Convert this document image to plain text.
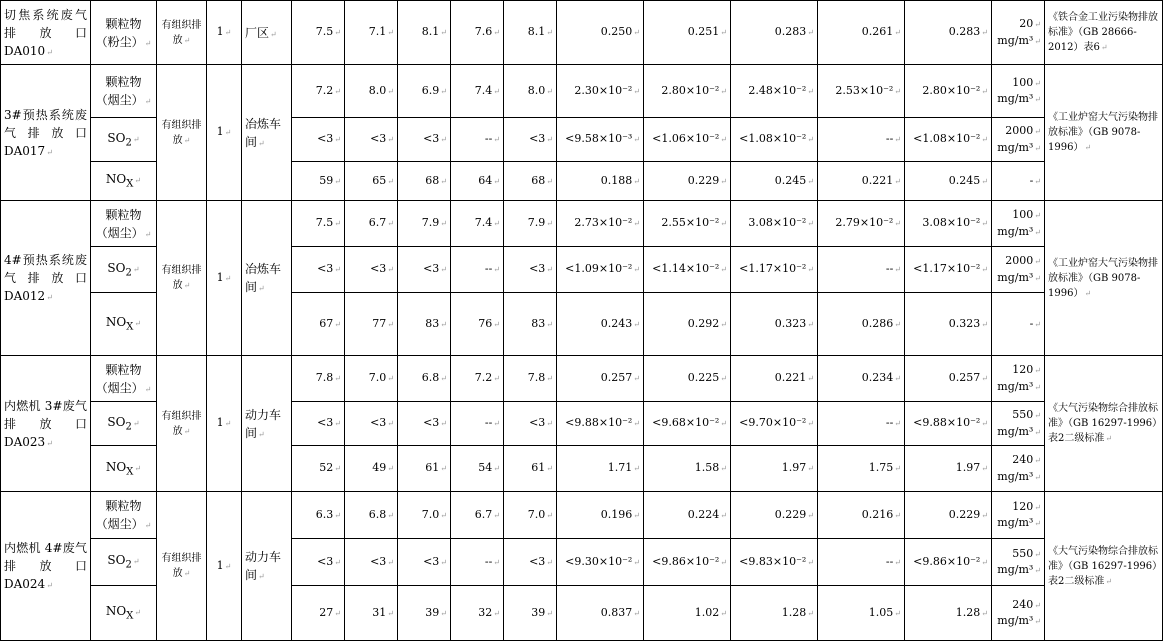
切焦系统废气排放口DA010↵	颗粒物（粉尘）↵	有组织排放↵	1↵	厂区↵	7.5↵	7.1↵	8.1↵	7.6↵	8.1↵	0.250↵	0.251↵	0.283↵	0.261↵	0.283↵	20↵
mg/m³↵	《铁合金工业污染物排放标准》（GB 28666-2012）表6↵
3#预热系统废气排放口DA017↵	颗粒物（烟尘）↵	有组织排放↵	1↵	冶炼车间↵	7.2↵	8.0↵	6.9↵	7.4↵	8.0↵	2.30×10⁻²↵	2.80×10⁻²↵	2.48×10⁻²↵	2.53×10⁻²↵	2.80×10⁻²↵	100↵
mg/m³↵	《工业炉窑大气污染物排放标准》（GB 9078-1996）↵
	$SO_2↵$				<3↵	<3↵	<3↵	--↵	<3↵	<9.58×10⁻³↵	<1.06×10⁻²↵	<1.08×10⁻²↵	--↵	<1.08×10⁻²↵	2000↵
mg/m³↵	
	$NO_X↵$				59↵	65↵	68↵	64↵	68↵	0.188↵	0.229↵	0.245↵	0.221↵	0.245↵	-↵	
4#预热系统废气排放口DA012↵	颗粒物（烟尘）↵	有组织排放↵	1↵	冶炼车间↵	7.5↵	6.7↵	7.9↵	7.4↵	7.9↵	2.73×10⁻²↵	2.55×10⁻²↵	3.08×10⁻²↵	2.79×10⁻²↵	3.08×10⁻²↵	100↵
mg/m³↵	《工业炉窑大气污染物排放标准》（GB 9078-1996）↵
	$SO_2↵$				<3↵	<3↵	<3↵	--↵	<3↵	<1.09×10⁻²↵	<1.14×10⁻²↵	<1.17×10⁻²↵	--↵	<1.17×10⁻²↵	2000↵
mg/m³↵	
	$NO_X↵$				67↵	77↵	83↵	76↵	83↵	0.243↵	0.292↵	0.323↵	0.286↵	0.323↵	-↵	
内燃机 3#废气排放口DA023↵	颗粒物（烟尘）↵	有组织排放↵	1↵	动力车间↵	7.8↵	7.0↵	6.8↵	7.2↵	7.8↵	0.257↵	0.225↵	0.221↵	0.234↵	0.257↵	120↵
mg/m³↵	《大气污染物综合排放标准》（GB 16297-1996）表2二级标准↵
	$SO_2↵$				<3↵	<3↵	<3↵	--↵	<3↵	<9.88×10⁻²↵	<9.68×10⁻²↵	<9.70×10⁻²↵	--↵	<9.88×10⁻²↵	550↵
mg/m³↵	
	$NO_X↵$				52↵	49↵	61↵	54↵	61↵	1.71↵	1.58↵	1.97↵	1.75↵	1.97↵	240↵
mg/m³↵	
内燃机 4#废气排放口DA024↵	颗粒物（烟尘）↵	有组织排放↵	1↵	动力车间↵	6.3↵	6.8↵	7.0↵	6.7↵	7.0↵	0.196↵	0.224↵	0.229↵	0.216↵	0.229↵	120↵
mg/m³↵	《大气污染物综合排放标准》（GB 16297-1996）表2二级标准↵
	$SO_2↵$				<3↵	<3↵	<3↵	--↵	<3↵	<9.30×10⁻²↵	<9.86×10⁻²↵	<9.83×10⁻²↵	--↵	<9.86×10⁻²↵	550↵
mg/m³↵	
	$NO_X↵$				27↵	31↵	39↵	32↵	39↵	0.837↵	1.02↵	1.28↵	1.05↵	1.28↵	240↵
mg/m³↵	
